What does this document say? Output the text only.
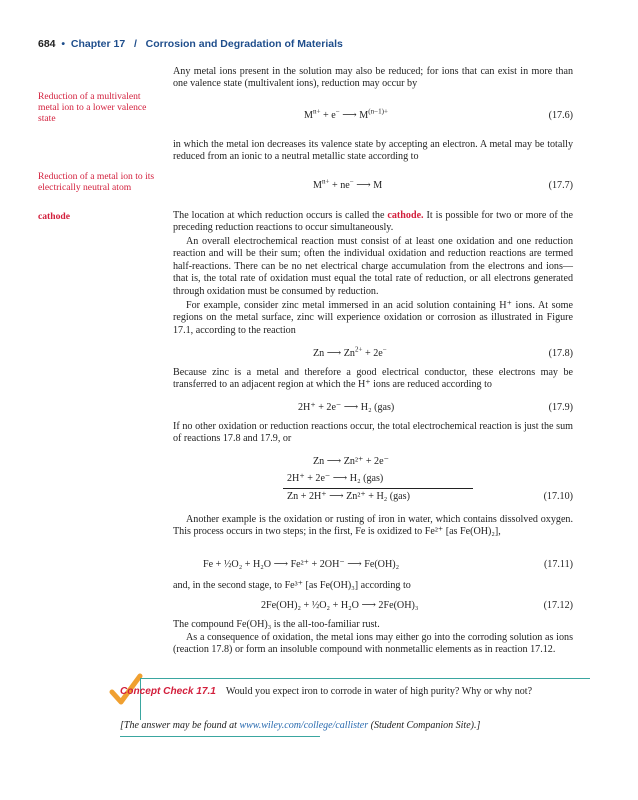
684 • Chapter 17 / Corrosion and Degradation of Materials
Reduction of a multivalent metal ion to a lower valence state
Reduction of a metal ion to its electrically neutral atom
cathode
Any metal ions present in the solution may also be reduced; for ions that can exist in more than one valence state (multivalent ions), reduction may occur by
$M^{n+} + e^-$ ⟶ $M^{(n-1)+}$	(17.6)
in which the metal ion decreases its valence state by accepting an electron. A metal may be totally reduced from an ionic to a neutral metallic state according to
$M^{n+} + ne^-$ ⟶ M	(17.7)
The location at which reduction occurs is called the cathode. It is possible for two or more of the preceding reduction reactions to occur simultaneously.
An overall electrochemical reaction must consist of at least one oxidation and one reduction reaction and will be their sum; often the individual oxidation and reduction reactions are termed half-reactions. There can be no net electrical charge accumulation from the electrons and ions—that is, the total rate of oxidation must equal the total rate of reduction, or all electrons generated through oxidation must be consumed by reduction.
For example, consider zinc metal immersed in an acid solution containing H⁺ ions. At some regions on the metal surface, zinc will experience oxidation or corrosion as illustrated in Figure 17.1, according to the reaction
Zn ⟶ $Zn^{2+} + 2e^-$	(17.8)
Because zinc is a metal and therefore a good electrical conductor, these electrons may be transferred to an adjacent region at which the H⁺ ions are reduced according to
2H⁺ + 2e⁻ ⟶ H₂ (gas)	(17.9)
If no other oxidation or reduction reactions occur, the total electrochemical reaction is just the sum of reactions 17.8 and 17.9, or
Zn ⟶ Zn²⁺ + 2e⁻
2H⁺ + 2e⁻ ⟶ H₂ (gas)
Zn + 2H⁺ ⟶ Zn²⁺ + H₂ (gas)	(17.10)
Another example is the oxidation or rusting of iron in water, which contains dissolved oxygen. This process occurs in two steps; in the first, Fe is oxidized to Fe²⁺ [as Fe(OH)₂],
Fe + ½O₂ + H₂O ⟶ Fe²⁺ + 2OH⁻ ⟶ Fe(OH)₂	(17.11)
and, in the second stage, to Fe³⁺ [as Fe(OH)₃] according to
2Fe(OH)₂ + ½O₂ + H₂O ⟶ 2Fe(OH)₃	(17.12)
The compound Fe(OH)₃ is the all-too-familiar rust.
As a consequence of oxidation, the metal ions may either go into the corroding solution as ions (reaction 17.8) or form an insoluble compound with nonmetallic elements as in reaction 17.12.
Concept Check 17.1 Would you expect iron to corrode in water of high purity? Why or why not?
[The answer may be found at www.wiley.com/college/callister (Student Companion Site).]
